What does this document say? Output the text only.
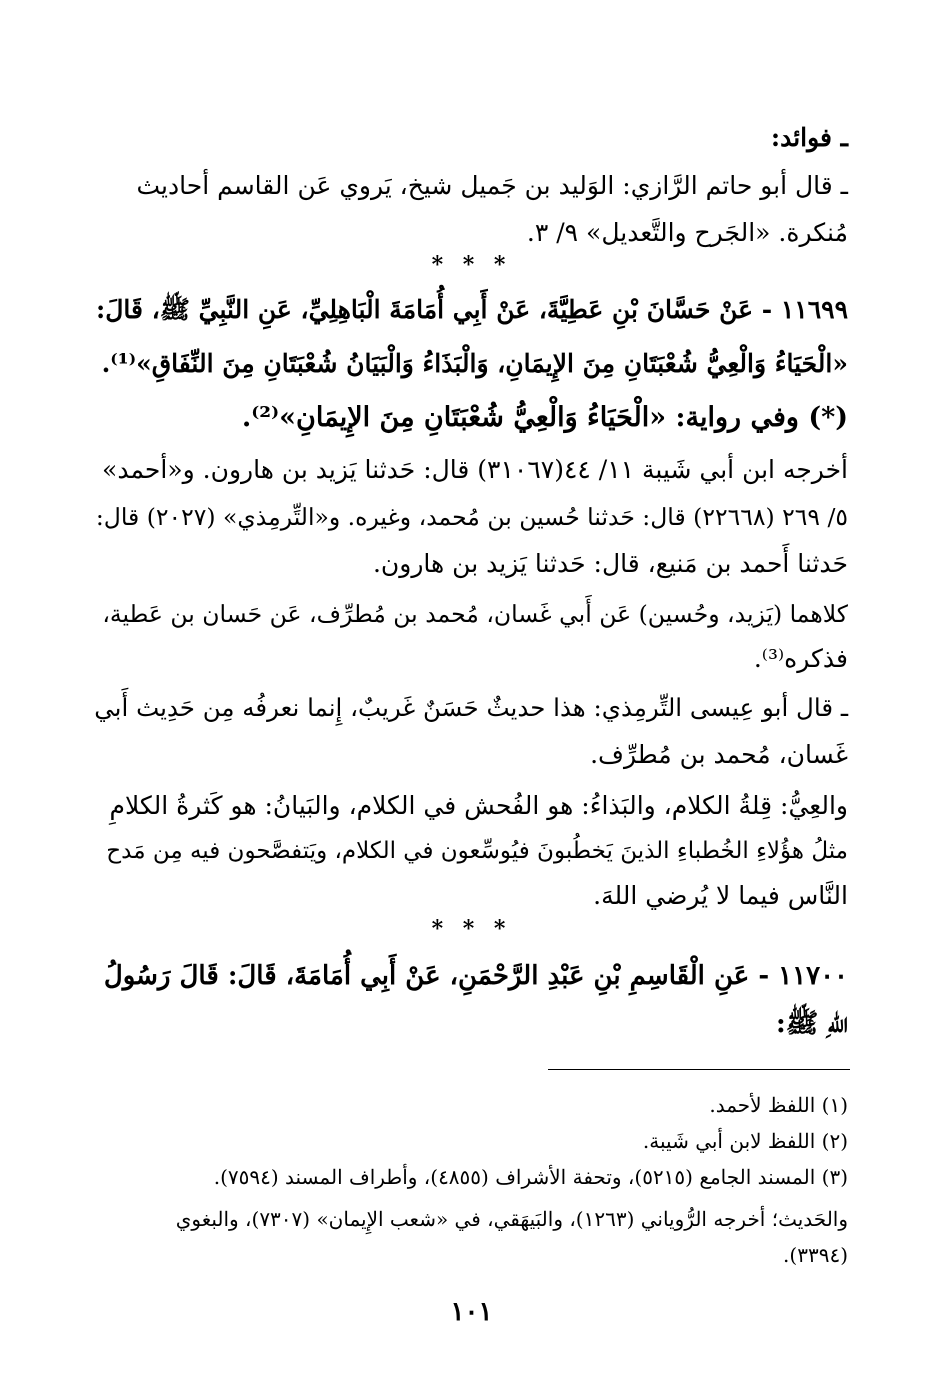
ـ فوائد:
ـ قال أبو حاتم الرَّازي: الوَليد بن جَميل شيخ، يَروي عَن القاسم أحاديث
مُنكرة. «الجَرح والتَّعديل» ٩/ ٣.
* * *
١١٦٩٩ - عَنْ حَسَّانَ بْنِ عَطِيَّةَ، عَنْ أَبِي أُمَامَةَ الْبَاهِلِيِّ، عَنِ النَّبِيِّ ﷺ، قَالَ:
«الْحَيَاءُ وَالْعِيُّ شُعْبَتَانِ مِنَ الإِيمَانِ، وَالْبَذَاءُ وَالْبَيَانُ شُعْبَتَانِ مِنَ النِّفَاقِ»⁽¹⁾.
(*) وفي رواية: «الْحَيَاءُ وَالْعِيُّ شُعْبَتَانِ مِنَ الإِيمَانِ»⁽²⁾.
أخرجه ابن أبي شَيبة ١١/ ٤٤(٣١٠٦٧) قال: حَدثنا يَزيد بن هارون. و«أحمد»
٥/ ٢٦٩ (٢٢٦٦٨) قال: حَدثنا حُسين بن مُحمد، وغيره. و«التِّرمِذي» (٢٠٢٧) قال:
حَدثنا أَحمد بن مَنيع، قال: حَدثنا يَزيد بن هارون.
كلاهما (يَزيد، وحُسين) عَن أَبي غَسان، مُحمد بن مُطرِّف، عَن حَسان بن عَطية،
فذكره⁽³⁾.
ـ قال أبو عِيسى التِّرمِذي: هذا حديثٌ حَسَنٌ غَريبٌ، إِنما نعرفُه مِن حَدِيث أَبي
غَسان، مُحمد بن مُطرِّف.
والعِيُّ: قِلةُ الكلام، والبَذاءُ: هو الفُحش في الكلام، والبَيانُ: هو كَثرةُ الكلامِ
مثلُ هؤُلاءِ الخُطباءِ الذينَ يَخطُبونَ فيُوسِّعون في الكلام، ويَتفصَّحون فيه مِن مَدح
النَّاس فيما لا يُرضي اللهَ.
* * *
١١٧٠٠ - عَنِ الْقَاسِمِ بْنِ عَبْدِ الرَّحْمَنِ، عَنْ أَبِي أُمَامَةَ، قَالَ: قَالَ رَسُولُ
اللهِ ﷺ:
(١) اللفظ لأحمد.
(٢) اللفظ لابن أبي شَيبة.
(٣) المسند الجامع (٥٢١٥)، وتحفة الأشراف (٤٨٥٥)، وأطراف المسند (٧٥٩٤).
والحَديث؛ أخرجه الرُّوياني (١٢٦٣)، والبَيهَقي، في «شعب الإِيمان» (٧٣٠٧)، والبغوي
(٣٣٩٤).
١٠١
